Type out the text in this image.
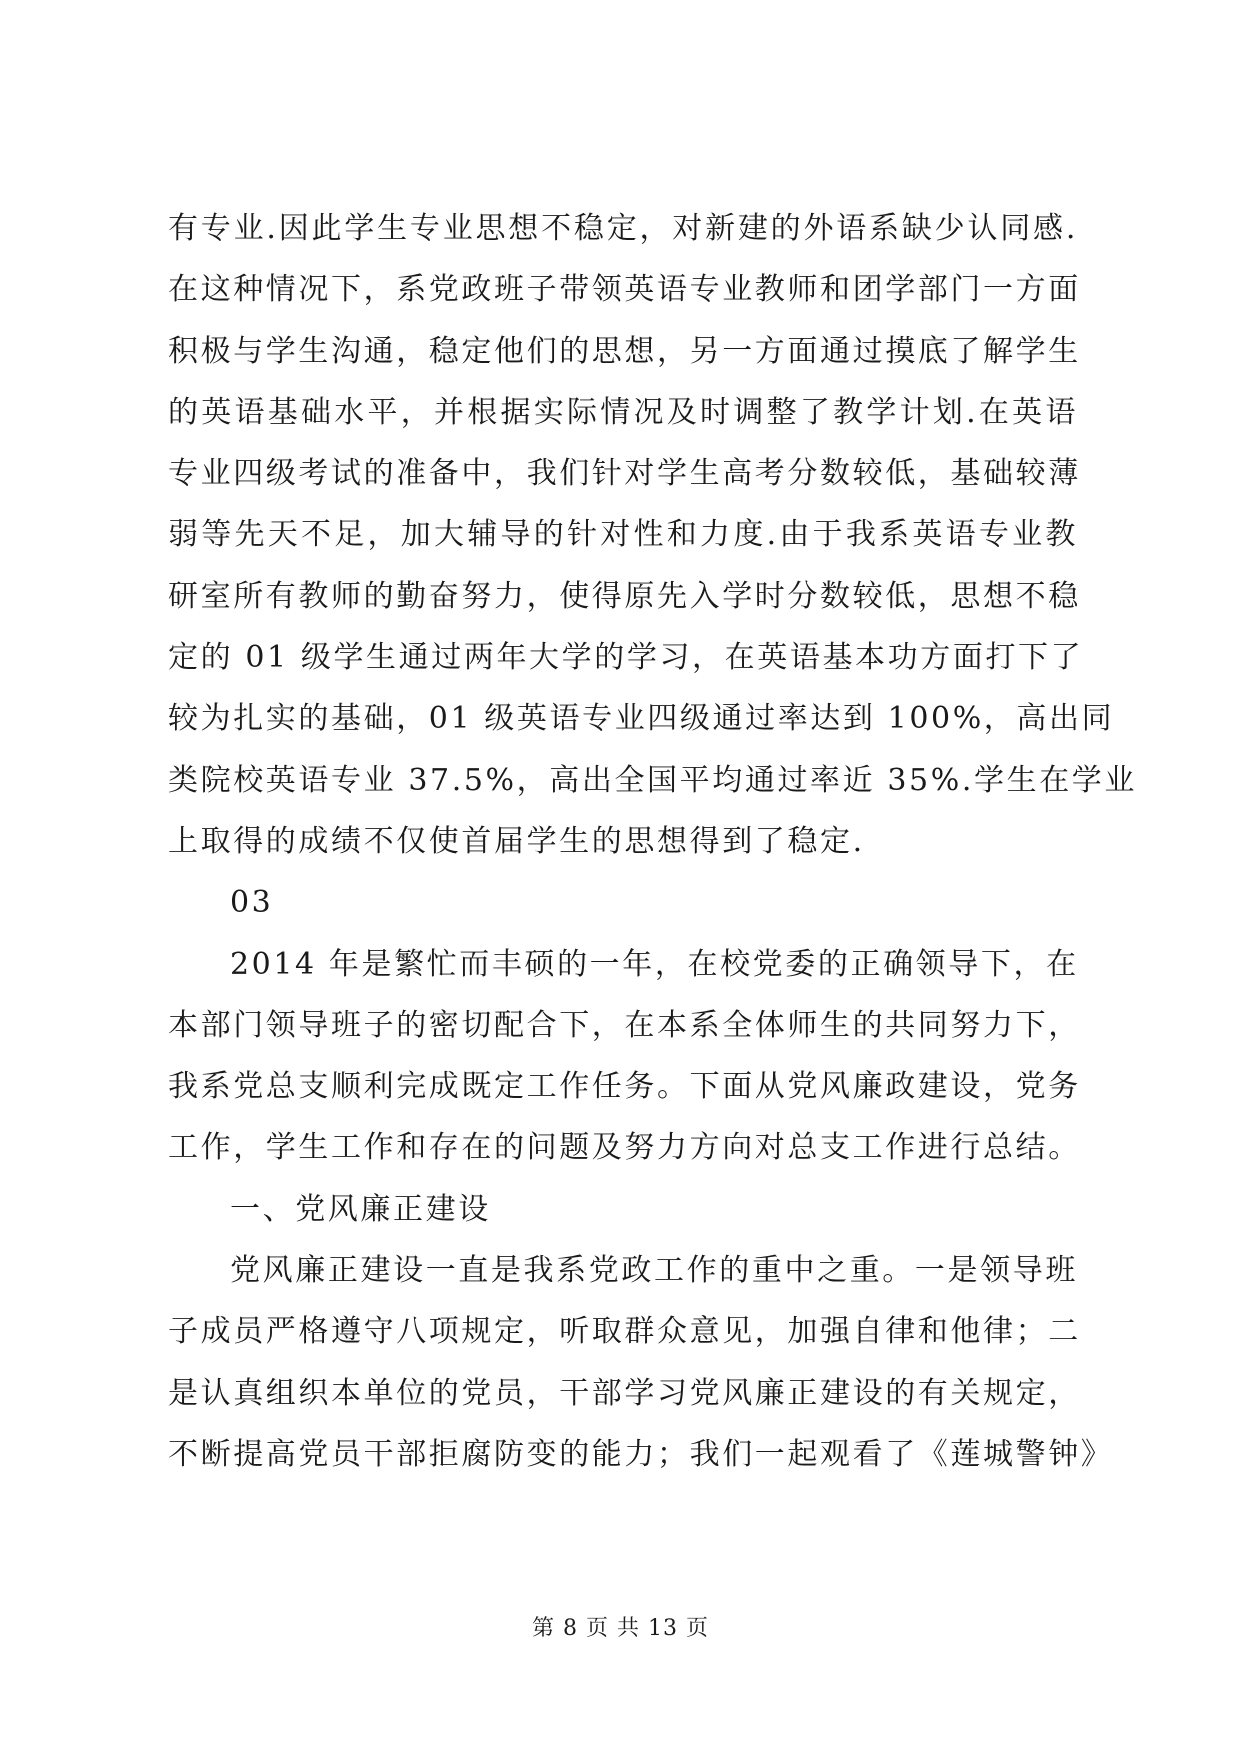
有专业.因此学生专业思想不稳定，对新建的外语系缺少认同感.
在这种情况下，系党政班子带领英语专业教师和团学部门一方面
积极与学生沟通，稳定他们的思想，另一方面通过摸底了解学生
的英语基础水平，并根据实际情况及时调整了教学计划.在英语
专业四级考试的准备中，我们针对学生高考分数较低，基础较薄
弱等先天不足，加大辅导的针对性和力度.由于我系英语专业教
研室所有教师的勤奋努力，使得原先入学时分数较低，思想不稳
定的 01 级学生通过两年大学的学习，在英语基本功方面打下了
较为扎实的基础，01 级英语专业四级通过率达到 100%，高出同
类院校英语专业 37.5%，高出全国平均通过率近 35%.学生在学业
上取得的成绩不仅使首届学生的思想得到了稳定.
03
2014 年是繁忙而丰硕的一年，在校党委的正确领导下，在
本部门领导班子的密切配合下，在本系全体师生的共同努力下，
我系党总支顺利完成既定工作任务。下面从党风廉政建设，党务
工作，学生工作和存在的问题及努力方向对总支工作进行总结。
一、党风廉正建设
党风廉正建设一直是我系党政工作的重中之重。一是领导班
子成员严格遵守八项规定，听取群众意见，加强自律和他律；二
是认真组织本单位的党员，干部学习党风廉正建设的有关规定，
不断提高党员干部拒腐防变的能力；我们一起观看了《莲城警钟》
第 8 页 共 13 页
